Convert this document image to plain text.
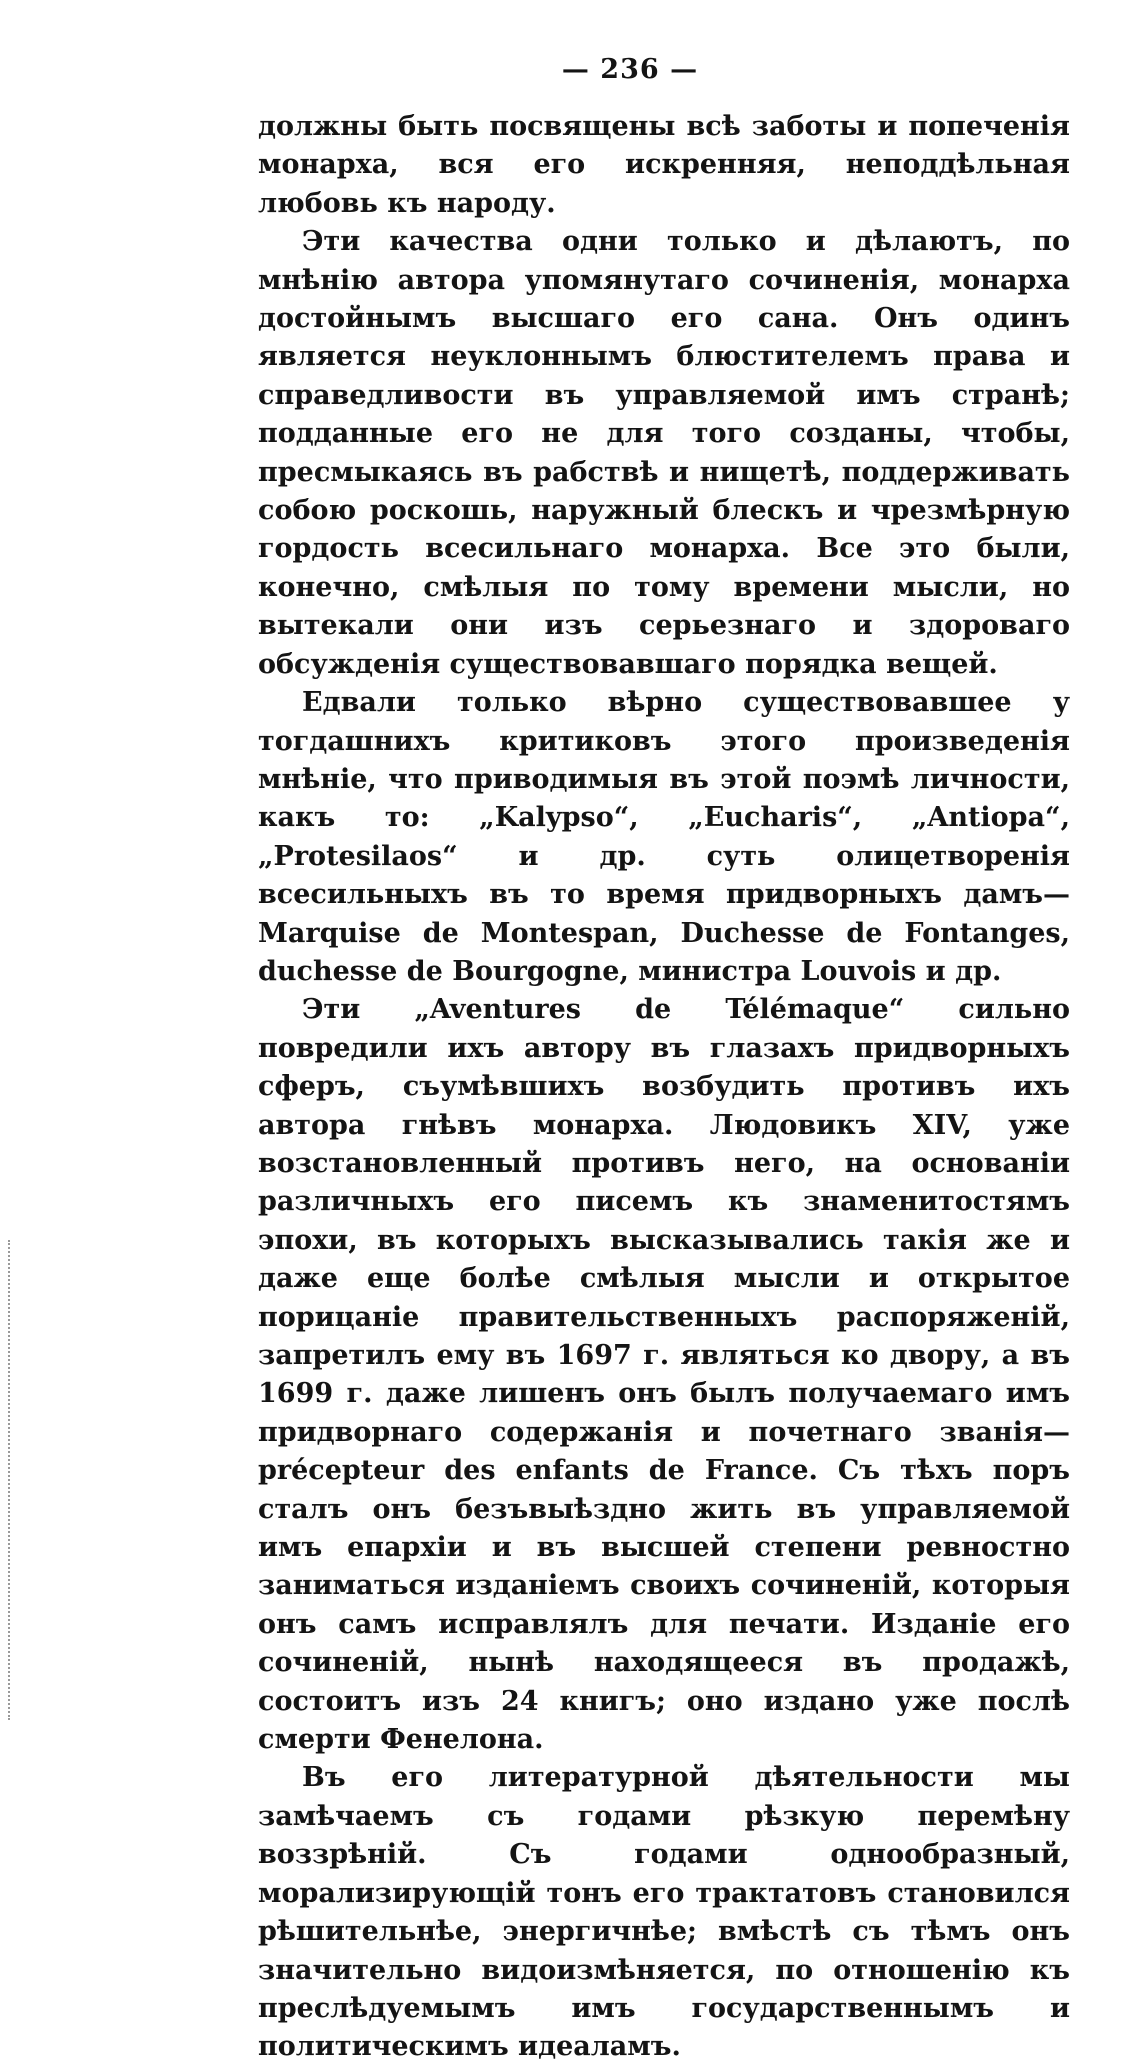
— 236 —

должны быть посвящены всѣ заботы и попеченія монарха, вся его искренняя, неподдѣльная любовь къ народу.

Эти качества одни только и дѣлаютъ, по мнѣнію автора упомянутаго сочиненія, монарха достойнымъ высшаго его сана. Онъ одинъ является неуклоннымъ блюстителемъ права и справедливости въ управляемой имъ странѣ; подданные его не для того созданы, чтобы, пресмыкаясь въ рабствѣ и нищетѣ, поддерживать собою роскошь, наружный блескъ и чрезмѣрную гордость всесильнаго монарха. Все это были, конечно, смѣлыя по тому времени мысли, но вытекали они изъ серьезнаго и здороваго обсужденія существовавшаго порядка вещей.

Едвали только вѣрно существовавшее у тогдашнихъ критиковъ этого произведенія мнѣніе, что приводимыя въ этой поэмѣ личности, какъ то: „Kalypso“, „Eucharis“, „Antiopa“, „Protesilaos“ и др. суть олицетворенія всесильныхъ въ то время придворныхъ дамъ—Marquise de Montespan, Duchesse de Fontanges, duchesse de Bourgogne, министра Louvois и др.

Эти „Aventures de Télémaque“ сильно повредили ихъ автору въ глазахъ придворныхъ сферъ, съумѣвшихъ возбудить противъ ихъ автора гнѣвъ монарха. Людовикъ XIV, уже возстановленный противъ него, на основаніи различныхъ его писемъ къ знаменитостямъ эпохи, въ которыхъ высказывались такія же и даже еще болѣе смѣлыя мысли и открытое порицаніе правительственныхъ распоряженій, запретилъ ему въ 1697 г. являться ко двору, а въ 1699 г. даже лишенъ онъ былъ получаемаго имъ придворнаго содержанія и почетнаго званія—précepteur des enfants de France. Съ тѣхъ поръ сталъ онъ безъвыѣздно жить въ управляемой имъ епархіи и въ высшей степени ревностно заниматься изданіемъ своихъ сочиненій, которыя онъ самъ исправлялъ для печати. Изданіе его сочиненій, нынѣ находящееся въ продажѣ, состоитъ изъ 24 книгъ; оно издано уже послѣ смерти Фенелона.

Въ его литературной дѣятельности мы замѣчаемъ съ годами рѣзкую перемѣну воззрѣній. Съ годами однообразный, морализирующій тонъ его трактатовъ становился рѣшительнѣе, энергичнѣе; вмѣстѣ съ тѣмъ онъ значительно видоизмѣняется, по отношенію къ преслѣдуемымъ имъ государственнымъ и политическимъ идеаламъ.
